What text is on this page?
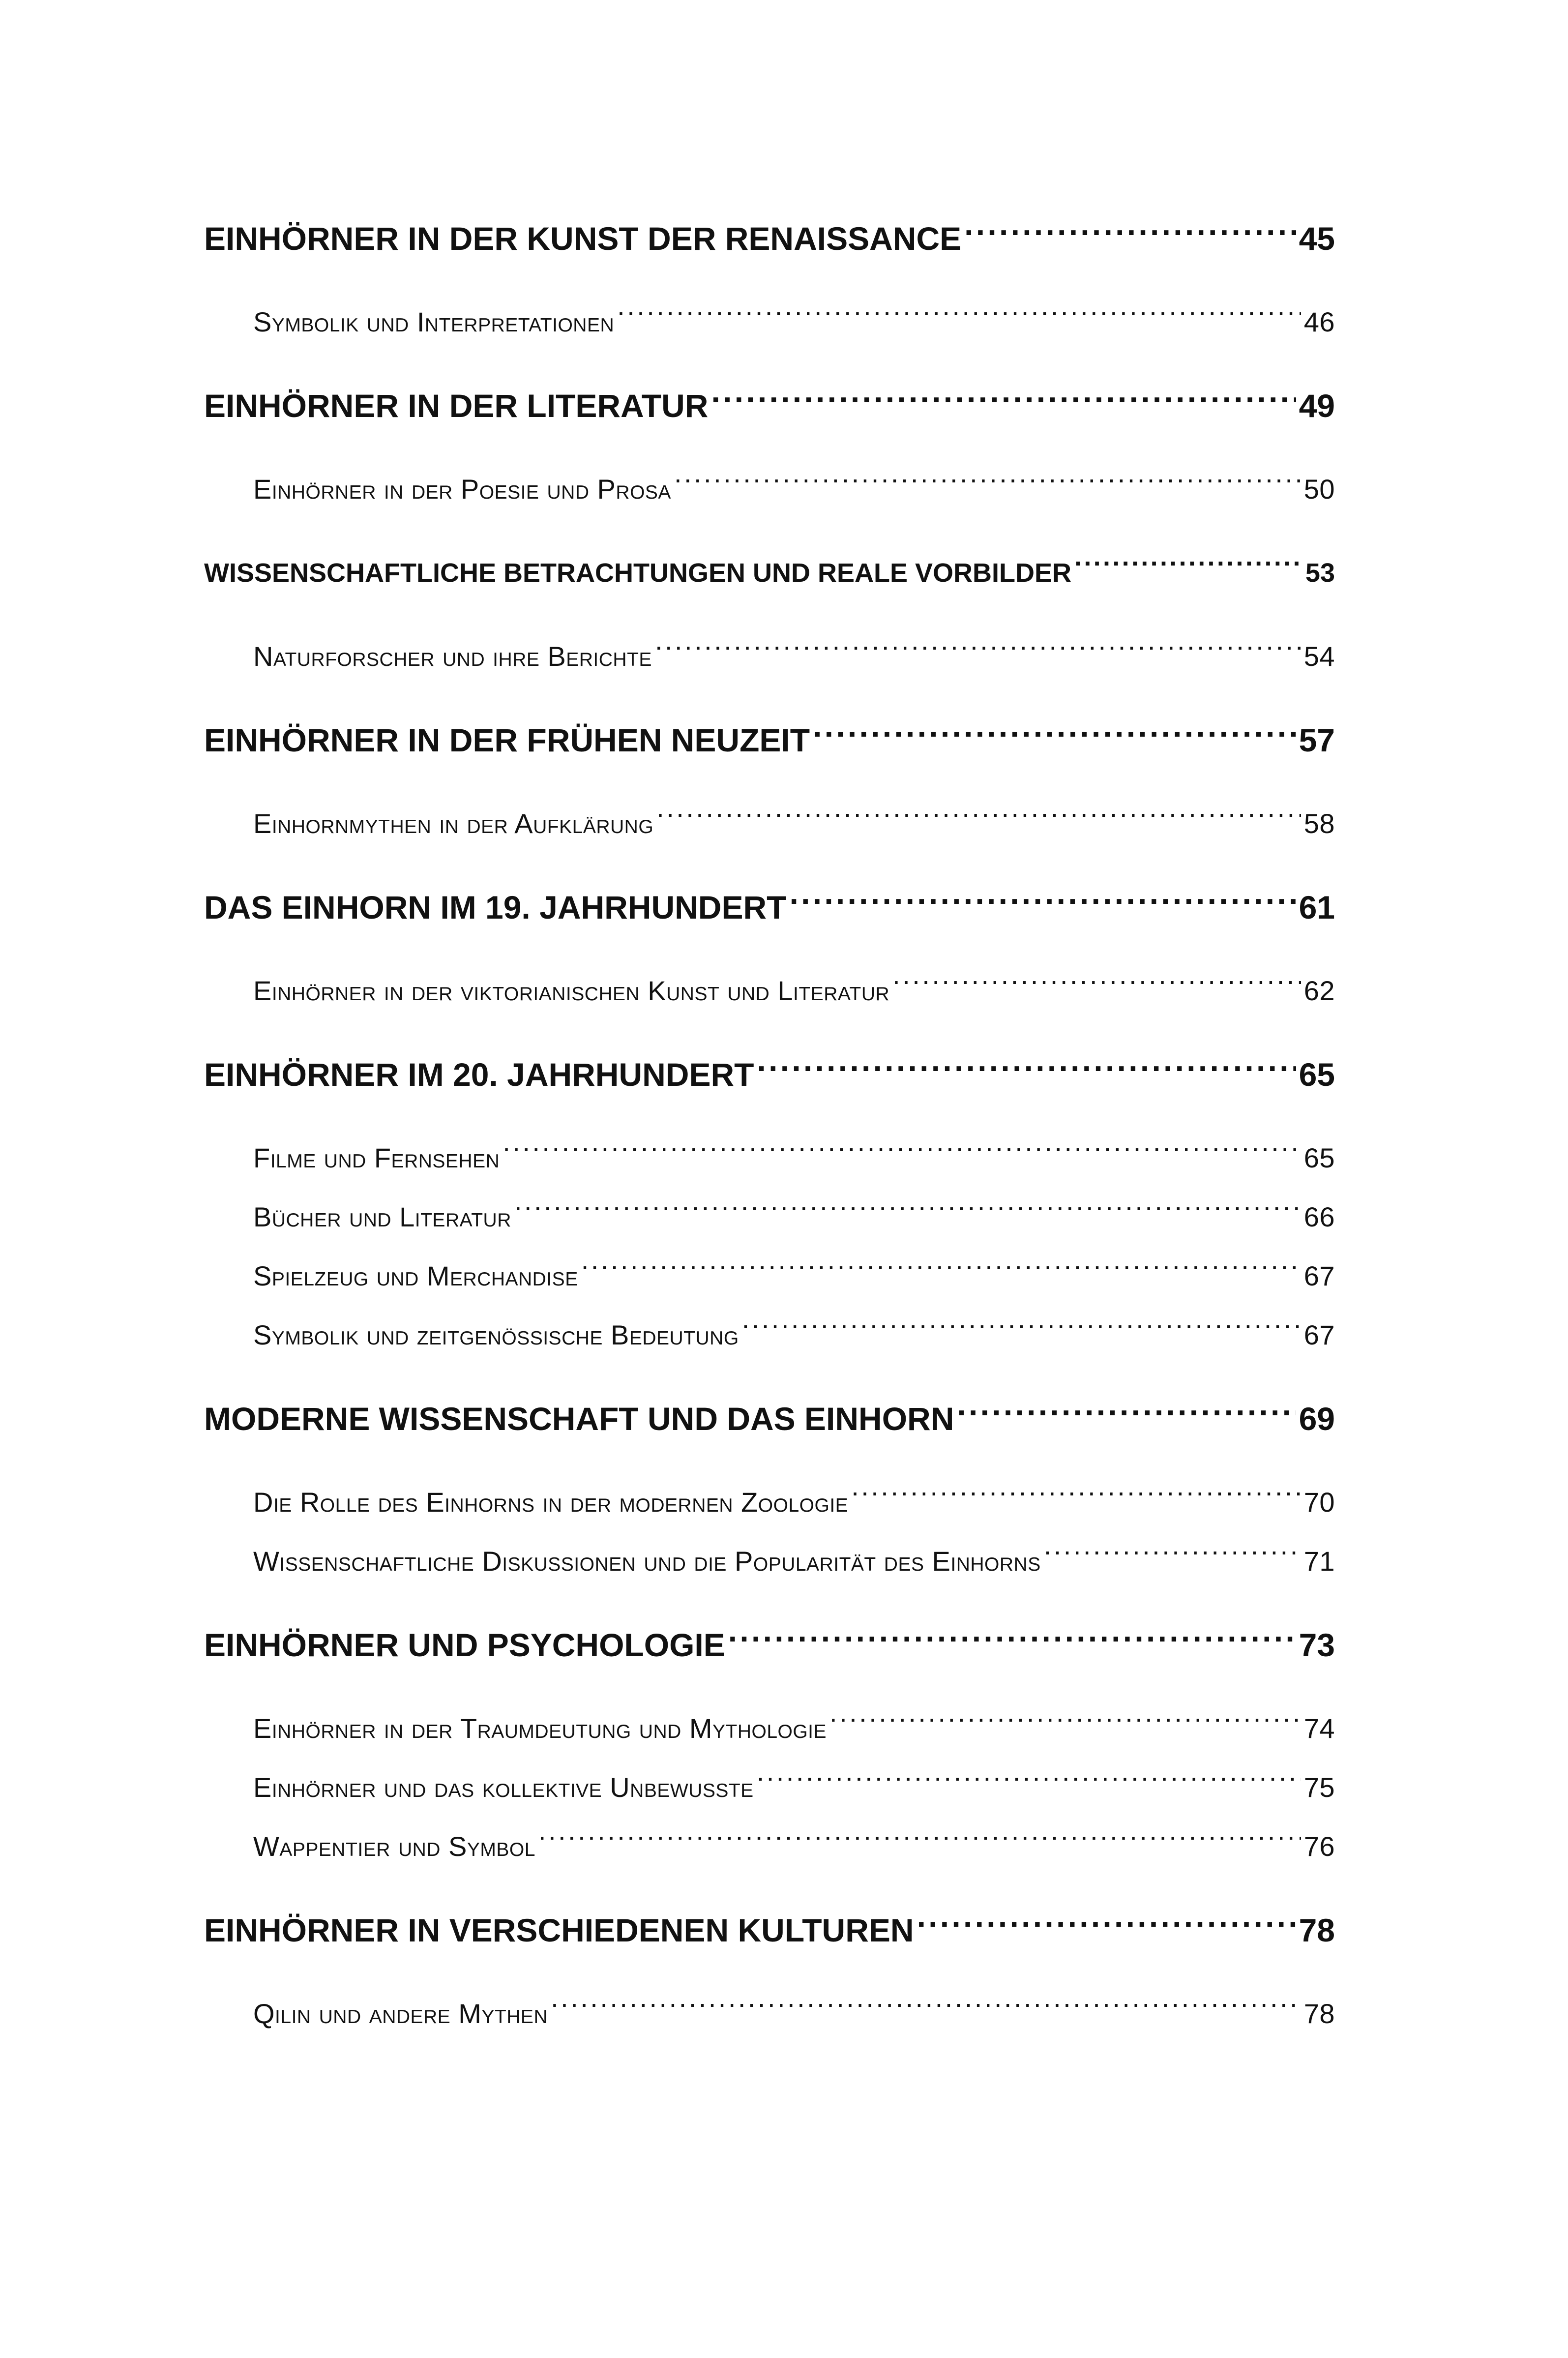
EINHÖRNER IN DER KUNST DER RENAISSANCE .....	45
Symbolik und Interpretationen .....	46
EINHÖRNER IN DER LITERATUR .....	49
Einhörner in der Poesie und Prosa .....	50
WISSENSCHAFTLICHE BETRACHTUNGEN UND REALE VORBILDER .....	53
Naturforscher und ihre Berichte .....	54
EINHÖRNER IN DER FRÜHEN NEUZEIT .....	57
Einhornmythen in der Aufklärung .....	58
DAS EINHORN IM 19. JAHRHUNDERT .....	61
Einhörner in der viktorianischen Kunst und Literatur .....	62
EINHÖRNER IM 20. JAHRHUNDERT .....	65
Filme und Fernsehen .....	65
Bücher und Literatur .....	66
Spielzeug und Merchandise .....	67
Symbolik und zeitgenössische Bedeutung .....	67
MODERNE WISSENSCHAFT UND DAS EINHORN .....	69
Die Rolle des Einhorns in der modernen Zoologie .....	70
Wissenschaftliche Diskussionen und die Popularität des Einhorns .....	71
EINHÖRNER UND PSYCHOLOGIE .....	73
Einhörner in der Traumdeutung und Mythologie .....	74
Einhörner und das kollektive Unbewusste .....	75
Wappentier und Symbol .....	76
EINHÖRNER IN VERSCHIEDENEN KULTUREN .....	78
Qilin und andere Mythen .....	78
